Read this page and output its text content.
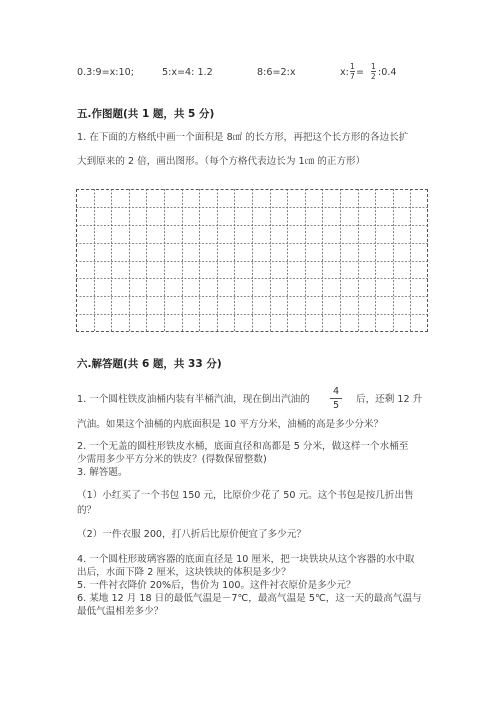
0.3:9=x:10;	5:x=4: 1.2	8:6=2:x	x:
1
7 =
1
2 :0.4
五.作图题(共 1 题，共 5 分)
1. 在下面的方格纸中画一个面积是 8㎠ 的长方形，再把这个长方形的各边长扩
大到原来的 2 倍，画出图形。（每个方格代表边长为 1㎝ 的正方形）
六.解答题(共 6 题，共 33 分)
1. 一个圆柱铁皮油桶内装有半桶汽油，现在倒出汽油的
4
5
后，还剩 12 升
汽油。如果这个油桶的内底面积是 10 平方分米，油桶的高是多少分米？
2. 一个无盖的圆柱形铁皮水桶，底面直径和高都是 5 分米，做这样一个水桶至
少需用多少平方分米的铁皮？(得数保留整数)
3. 解答题。
（1）小红买了一个书包 150 元，比原价少花了 50 元。这个书包是按几折出售
的？
（2）一件衣服 200，打八折后比原价便宜了多少元？
4. 一个圆柱形玻璃容器的底面直径是 10 厘米，把一块铁块从这个容器的水中取
出后，水面下降 2 厘米，这块铁块的体积是多少？
5. 一件衬衣降价 20%后，售价为 100。这件衬衣原价是多少元？
6. 某地 12 月 18 日的最低气温是－7℃，最高气温是 5℃，这一天的最高气温与
最低气温相差多少？
